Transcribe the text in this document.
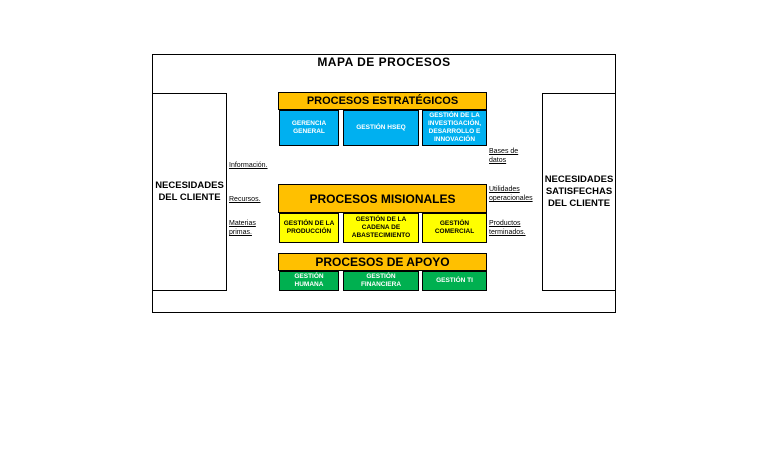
MAPA DE PROCESOS
NECESIDADES DEL CLIENTE
NECESIDADES SATISFECHAS DEL CLIENTE
PROCESOS ESTRATÉGICOS
GERENCIA GENERAL
GESTIÓN HSEQ
GESTIÓN DE LA INVESTIGACIÓN, DESARROLLO E INNOVACIÓN
PROCESOS MISIONALES
GESTIÓN DE LA PRODUCCIÓN
GESTIÓN DE LA CADENA DE ABASTECIMIENTO
GESTIÓN COMERCIAL
PROCESOS DE APOYO
GESTIÓN HUMANA
GESTIÓN FINANCIERA
GESTIÓN TI
Información.
Recursos.
Materias primas.
Bases de datos
Utilidades operacionales
Productos terminados.
